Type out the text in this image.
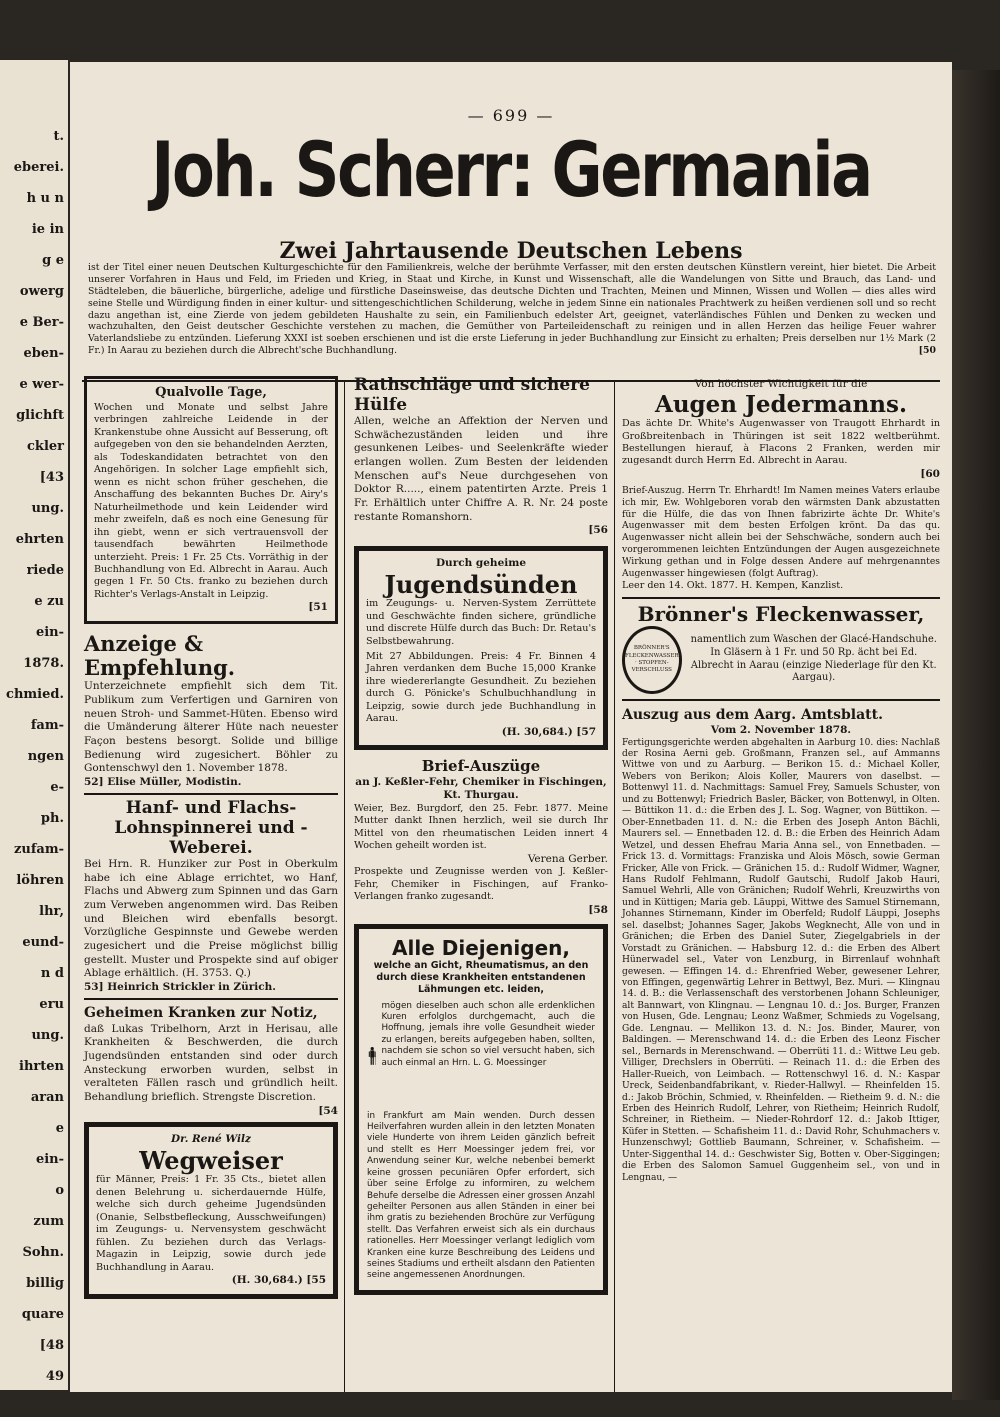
t.
eberei.
h u n
ie in
g e
owerg
e Ber-
eben-
e wer-
glichft
ckler
[43
ung.
ehrten
riede
e zu
ein-
1878.
chmied.
fam-
ngen
e-
ph.
zufam-
löhren
lhr,
eund-
n d
eru
ung.
ihrten
aran
e
ein-
o
zum
Sohn.
billig
quare
[48
49
— 699 —
Joh. Scherr: Germania
Zwei Jahrtausende Deutschen Lebens
ist der Titel einer neuen Deutschen Kulturgeschichte für den Familienkreis, welche der berühmte Verfasser, mit den ersten deutschen Künstlern vereint, hier bietet. Die Arbeit unserer Vorfahren in Haus und Feld, im Frieden und Krieg, in Staat und Kirche, in Kunst und Wissenschaft, alle die Wandelungen von Sitte und Brauch, das Land- und Städteleben, die bäuerliche, bürgerliche, adelige und fürstliche Daseinsweise, das deutsche Dichten und Trachten, Meinen und Minnen, Wissen und Wollen — dies alles wird seine Stelle und Würdigung finden in einer kultur- und sittengeschichtlichen Schilderung, welche in jedem Sinne ein nationales Prachtwerk zu heißen verdienen soll und so recht dazu angethan ist, eine Zierde von jedem gebildeten Haushalte zu sein, ein Familienbuch edelster Art, geeignet, vaterländisches Fühlen und Denken zu wecken und wachzuhalten, den Geist deutscher Geschichte verstehen zu machen, die Gemüther von Parteileidenschaft zu reinigen und in allen Herzen das heilige Feuer wahrer Vaterlandsliebe zu entzünden. Lieferung XXXI ist soeben erschienen und ist die erste Lieferung in jeder Buchhandlung zur Einsicht zu erhalten; Preis derselben nur 1½ Mark (2 Fr.) In Aarau zu beziehen durch die Albrecht'sche Buchhandlung.	[50
Qualvolle Tage,
Wochen und Monate und selbst Jahre verbringen zahlreiche Leidende in der Krankenstube ohne Aussicht auf Besserung, oft aufgegeben von den sie behandelnden Aerzten, als Todeskandidaten betrachtet von den Angehörigen. In solcher Lage empfiehlt sich, wenn es nicht schon früher geschehen, die Anschaffung des bekannten Buches Dr. Airy's Naturheilmethode und kein Leidender wird mehr zweifeln, daß es noch eine Genesung für ihn giebt, wenn er sich vertrauensvoll der tausendfach bewährten Heilmethode unterzieht. Preis: 1 Fr. 25 Cts. Vorräthig in der Buchhandlung von Ed. Albrecht in Aarau. Auch gegen 1 Fr. 50 Cts. franko zu beziehen durch Richter's Verlags-Anstalt in Leipzig.
[51
Anzeige & Empfehlung.
Unterzeichnete empfiehlt sich dem Tit. Publikum zum Verfertigen und Garniren von neuen Stroh- und Sammet-Hüten. Ebenso wird die Umänderung älterer Hüte nach neuester Façon bestens besorgt. Solide und billige Bedienung wird zugesichert. Böhler zu Gontenschwyl den 1. November 1878.
52] Elise Müller, Modistin.
Hanf- und Flachs-Lohnspinnerei und -Weberei.
Bei Hrn. R. Hunziker zur Post in Oberkulm habe ich eine Ablage errichtet, wo Hanf, Flachs und Abwerg zum Spinnen und das Garn zum Verweben angenommen wird. Das Reiben und Bleichen wird ebenfalls besorgt. Vorzügliche Gespinnste und Gewebe werden zugesichert und die Preise möglichst billig gestellt. Muster und Prospekte sind auf obiger Ablage erhältlich. (H. 3753. Q.)
53] Heinrich Strickler in Zürich.
Geheimen Kranken zur Notiz,
daß Lukas Tribelhorn, Arzt in Herisau, alle Krankheiten & Beschwerden, die durch Jugendsünden entstanden sind oder durch Ansteckung erworben wurden, selbst in veralteten Fällen rasch und gründlich heilt. Behandlung brieflich. Strengste Discretion.
[54
Dr. René Wilz
Wegweiser
für Männer, Preis: 1 Fr. 35 Cts., bietet allen denen Belehrung u. sicherdauernde Hülfe, welche sich durch geheime Jugendsünden (Onanie, Selbstbefleckung, Ausschweifungen) im Zeugungs- u. Nervensystem geschwächt fühlen. Zu beziehen durch das Verlags-Magazin in Leipzig, sowie durch jede Buchhandlung in Aarau.
(H. 30,684.) [55
Rathschläge und sichere Hülfe
Allen, welche an Affektion der Nerven und Schwächezuständen leiden und ihre gesunkenen Leibes- und Seelenkräfte wieder erlangen wollen. Zum Besten der leidenden Menschen auf's Neue durchgesehen von Doktor R....., einem patentirten Arzte. Preis 1 Fr. Erhältlich unter Chiffre A. R. Nr. 24 poste restante Romanshorn.
[56
Durch geheime
Jugendsünden
im Zeugungs- u. Nerven-System Zerrüttete und Geschwächte finden sichere, gründliche und discrete Hülfe durch das Buch: Dr. Retau's Selbstbewahrung.
Mit 27 Abbildungen. Preis: 4 Fr. Binnen 4 Jahren verdanken dem Buche 15,000 Kranke ihre wiedererlangte Gesundheit. Zu beziehen durch G. Pönicke's Schulbuchhandlung in Leipzig, sowie durch jede Buchhandlung in Aarau.
(H. 30,684.) [57
Brief-Auszüge
an J. Keßler-Fehr, Chemiker in Fischingen, Kt. Thurgau.
Weier, Bez. Burgdorf, den 25. Febr. 1877. Meine Mutter dankt Ihnen herzlich, weil sie durch Ihr Mittel von den rheumatischen Leiden innert 4 Wochen geheilt worden ist.
Verena Gerber.
Prospekte und Zeugnisse werden von J. Keßler-Fehr, Chemiker in Fischingen, auf Franko-Verlangen franko zugesandt.
[58
Alle Diejenigen,
welche an Gicht, Rheumatismus, an den durch diese Krankheiten entstandenen Lähmungen etc. leiden,
mögen dieselben auch schon alle erdenklichen Kuren erfolglos durchgemacht, auch die Hoffnung, jemals ihre volle Gesundheit wieder zu erlangen, bereits aufgegeben haben, sollten, nachdem sie schon so viel versucht haben, sich auch einmal an Hrn. L. G. Moessinger
in Frankfurt am Main wenden. Durch dessen Heilverfahren wurden allein in den letzten Monaten viele Hunderte von ihrem Leiden gänzlich befreit und stellt es Herr Moessinger jedem frei, vor Anwendung seiner Kur, welche nebenbei bemerkt keine grossen pecuniären Opfer erfordert, sich über seine Erfolge zu informiren, zu welchem Behufe derselbe die Adressen einer grossen Anzahl geheilter Personen aus allen Ständen in einer bei ihm gratis zu beziehenden Brochüre zur Verfügung stellt. Das Verfahren erweist sich als ein durchaus rationelles. Herr Moessinger verlangt lediglich vom Kranken eine kurze Beschreibung des Leidens und seines Stadiums und ertheilt alsdann den Patienten seine angemessenen Anordnungen.
Von höchster Wichtigkeit für die
Augen Jedermanns.
Das ächte Dr. White's Augenwasser von Traugott Ehrhardt in Großbreitenbach in Thüringen ist seit 1822 weltberühmt. Bestellungen hierauf, à Flacons 2 Franken, werden mir zugesandt durch Herrn Ed. Albrecht in Aarau.
[60
Brief-Auszug. Herrn Tr. Ehrhardt! Im Namen meines Vaters erlaube ich mir, Ew. Wohlgeboren vorab den wärmsten Dank abzustatten für die Hülfe, die das von Ihnen fabrizirte ächte Dr. White's Augenwasser mit dem besten Erfolgen krönt. Da das qu. Augenwasser nicht allein bei der Sehschwäche, sondern auch bei vorgerommenen leichten Entzündungen der Augen ausgezeichnete Wirkung gethan und in Folge dessen Andere auf mehrgenanntes Augenwasser hingewiesen (folgt Auftrag).
Leer den 14. Okt. 1877. H. Kempen, Kanzlist.
Brönner's Fleckenwasser,
BRÖNNER'S FLECKENWASSER · STOPFEN-VERSCHLUSS
namentlich zum Waschen der Glacé-Handschuhe. In Gläsern à 1 Fr. und 50 Rp. ächt bei Ed. Albrecht in Aarau (einzige Niederlage für den Kt. Aargau).
Auszug aus dem Aarg. Amtsblatt.
Vom 2. November 1878.
Fertigungsgerichte werden abgehalten in Aarburg 10. dies: Nachlaß der Rosina Aerni geb. Großmann, Franzen sel., auf Ammanns Wittwe von und zu Aarburg. — Berikon 15. d.: Michael Koller, Webers von Berikon; Alois Koller, Maurers von daselbst. — Bottenwyl 11. d. Nachmittags: Samuel Frey, Samuels Schuster, von und zu Bottenwyl; Friedrich Basler, Bäcker, von Bottenwyl, in Olten. — Büttikon 11. d.: die Erben des J. L. Sog. Wagner, von Büttikon. — Ober-Ennetbaden 11. d. N.: die Erben des Joseph Anton Bächli, Maurers sel. — Ennetbaden 12. d. B.: die Erben des Heinrich Adam Wetzel, und dessen Ehefrau Maria Anna sel., von Ennetbaden. — Frick 13. d. Vormittags: Franziska und Alois Mösch, sowie German Fricker, Alle von Frick. — Gränichen 15. d.: Rudolf Widmer, Wagner, Hans Rudolf Fehlmann, Rudolf Gautschi, Rudolf Jakob Hauri, Samuel Wehrli, Alle von Gränichen; Rudolf Wehrli, Kreuzwirths von und in Küttigen; Maria geb. Läuppi, Wittwe des Samuel Stirnemann, Johannes Stirnemann, Kinder im Oberfeld; Rudolf Läuppi, Josephs sel. daselbst; Johannes Sager, Jakobs Wegknecht, Alle von und in Gränichen; die Erben des Daniel Suter, Ziegelgabriels in der Vorstadt zu Gränichen. — Habsburg 12. d.: die Erben des Albert Hünerwadel sel., Vater von Lenzburg, in Birrenlauf wohnhaft gewesen. — Effingen 14. d.: Ehrenfried Weber, gewesener Lehrer, von Effingen, gegenwärtig Lehrer in Bettwyl, Bez. Muri. — Klingnau 14. d. B.: die Verlassenschaft des verstorbenen Johann Schleuniger, alt Bannwart, von Klingnau. — Lengnau 10. d.: Jos. Burger, Franzen von Husen, Gde. Lengnau; Leonz Waßmer, Schmieds zu Vogelsang, Gde. Lengnau. — Mellikon 13. d. N.: Jos. Binder, Maurer, von Baldingen. — Merenschwand 14. d.: die Erben des Leonz Fischer sel., Bernards in Merenschwand. — Oberrüti 11. d.: Wittwe Leu geb. Villiger, Drechslers in Oberrüti. — Reinach 11. d.: die Erben des Haller-Rueich, von Leimbach. — Rottenschwyl 16. d. N.: Kaspar Ureck, Seidenbandfabrikant, v. Rieder-Hallwyl. — Rheinfelden 15. d.: Jakob Bröchin, Schmied, v. Rheinfelden. — Rietheim 9. d. N.: die Erben des Heinrich Rudolf, Lehrer, von Rietheim; Heinrich Rudolf, Schreiner, in Rietheim. — Nieder-Rohrdorf 12. d.: Jakob Ittiger, Küfer in Stetten. — Schafisheim 11. d.: David Rohr, Schuhmachers v. Hunzenschwyl; Gottlieb Baumann, Schreiner, v. Schafisheim. — Unter-Siggenthal 14. d.: Geschwister Sig, Botten v. Ober-Siggingen; die Erben des Salomon Samuel Guggenheim sel., von und in Lengnau, —
